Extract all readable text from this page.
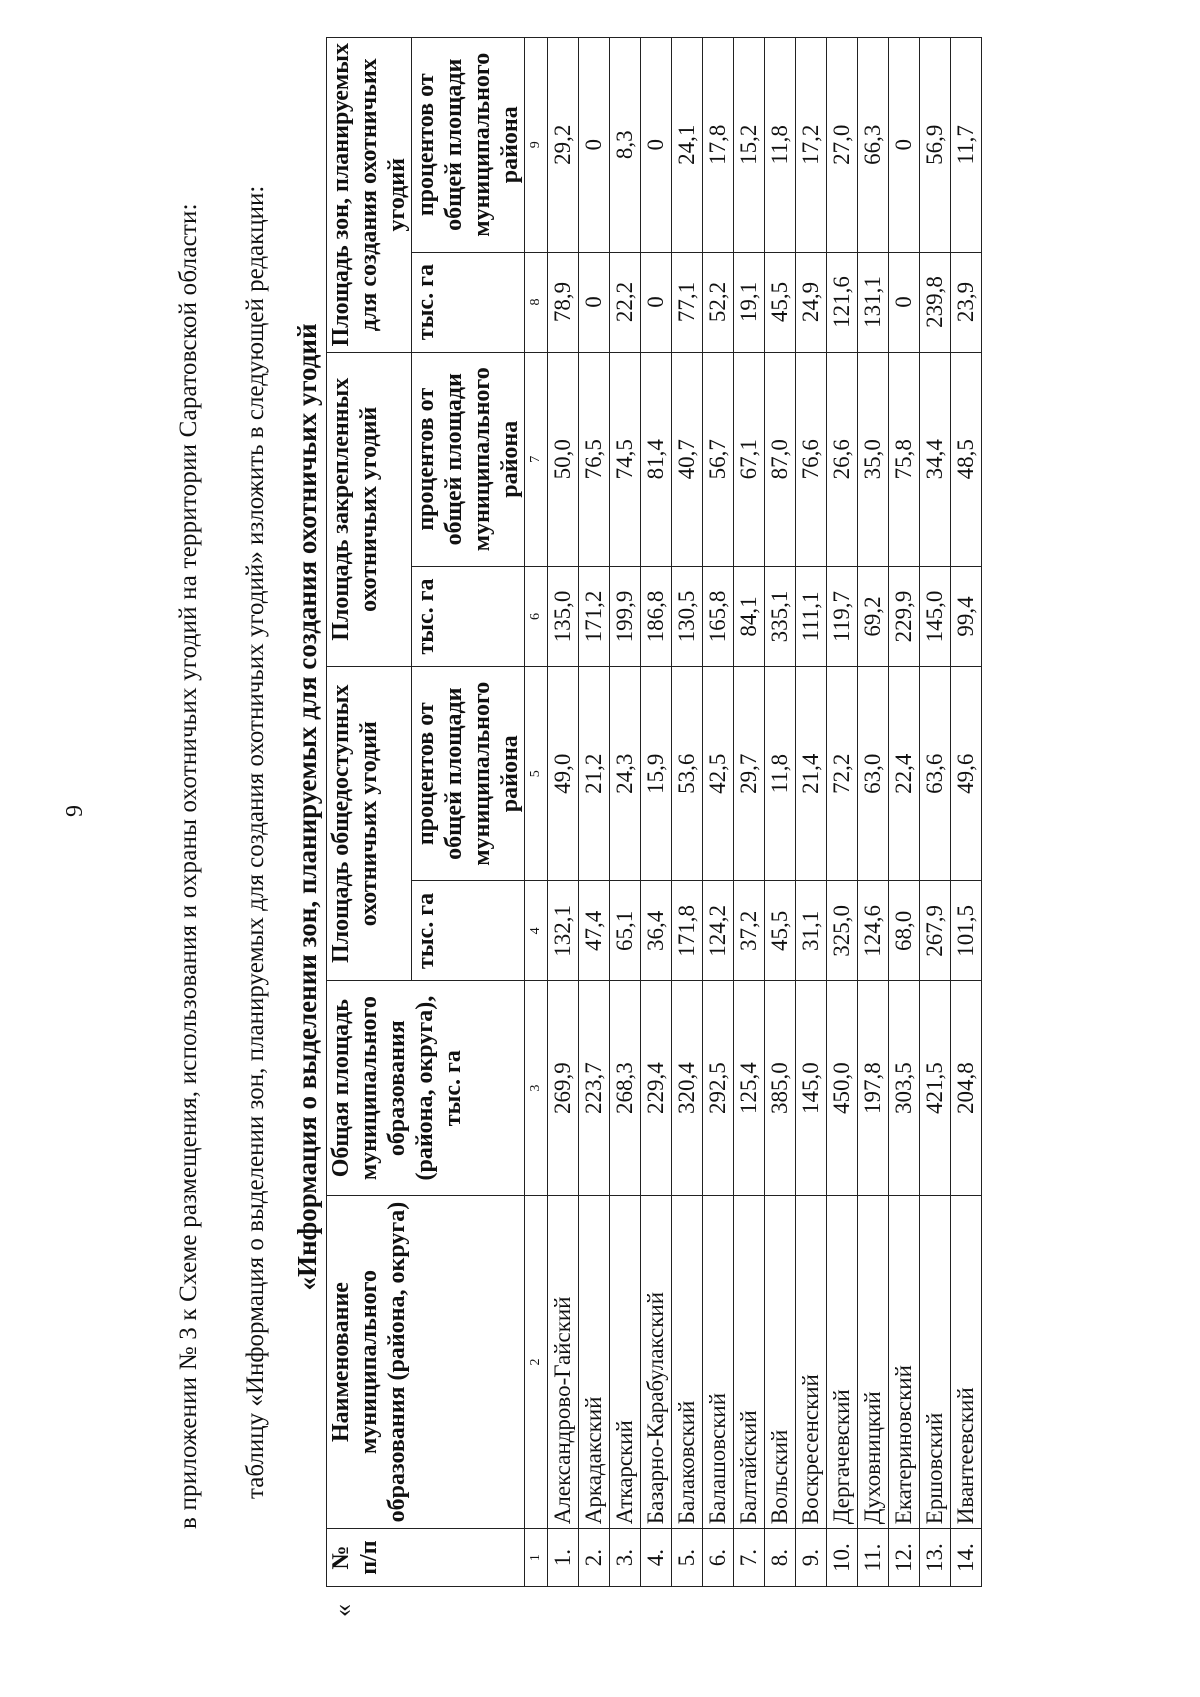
9	в приложении № 3 к Схеме размещения, использования и охраны охотничьих угодий на территории Саратовской области: таблицу «Информация о выделении зон, планируемых для создания охотничьих угодий» изложить в следующей редакции: «Информация о выделении зон, планируемых для создания охотничьих угодий
«
№ п/п	Наименование муниципального образования (района, округа)	Общая площадь муниципального образования (района, округа), тыс. га	Площадь общедоступных охотничьих угодий		Площадь закрепленных охотничьих угодий		Площадь зон, планируемых для создания охотничьих угодий	
			тыс. га	процентов от общей площади муниципального района	тыс. га	процентов от общей площади муниципального района	тыс. га	процентов от общей площади муниципального района
1	2	3	4	5	6	7	8	9
1.	Александрово-Гайский	269,9	132,1	49,0	135,0	50,0	78,9	29,2
2.	Аркадакский	223,7	47,4	21,2	171,2	76,5	0	0
3.	Аткарский	268,3	65,1	24,3	199,9	74,5	22,2	8,3
4.	Базарно-Карабулакский	229,4	36,4	15,9	186,8	81,4	0	0
5.	Балаковский	320,4	171,8	53,6	130,5	40,7	77,1	24,1
6.	Балашовский	292,5	124,2	42,5	165,8	56,7	52,2	17,8
7.	Балтайский	125,4	37,2	29,7	84,1	67,1	19,1	15,2
8.	Вольский	385,0	45,5	11,8	335,1	87,0	45,5	11,8
9.	Воскресенский	145,0	31,1	21,4	111,1	76,6	24,9	17,2
10.	Дергачевский	450,0	325,0	72,2	119,7	26,6	121,6	27,0
11.	Духовницкий	197,8	124,6	63,0	69,2	35,0	131,1	66,3
12.	Екатериновский	303,5	68,0	22,4	229,9	75,8	0	0
13.	Ершовский	421,5	267,9	63,6	145,0	34,4	239,8	56,9
14.	Ивантеевский	204,8	101,5	49,6	99,4	48,5	23,9	11,7
